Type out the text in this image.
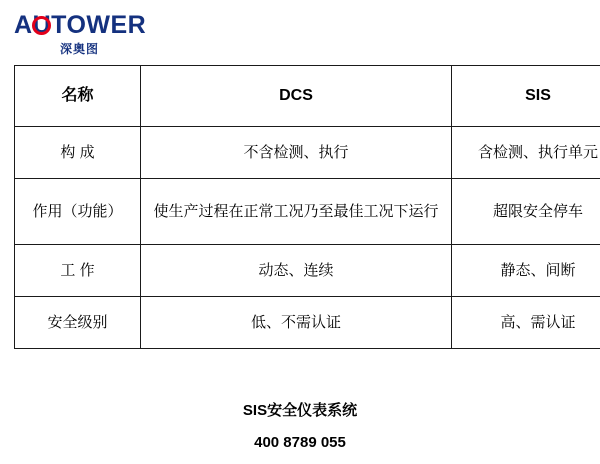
AUTOWER
深奥图
名称	DCS	SIS
构 成	不含检测、执行	含检测、执行单元
作用（功能）	使生产过程在正常工况乃至最佳工况下运行	超限安全停车
工 作	动态、连续	静态、间断
安全级别	低、不需认证	高、需认证
SIS安全仪表系统
400 8789 055
